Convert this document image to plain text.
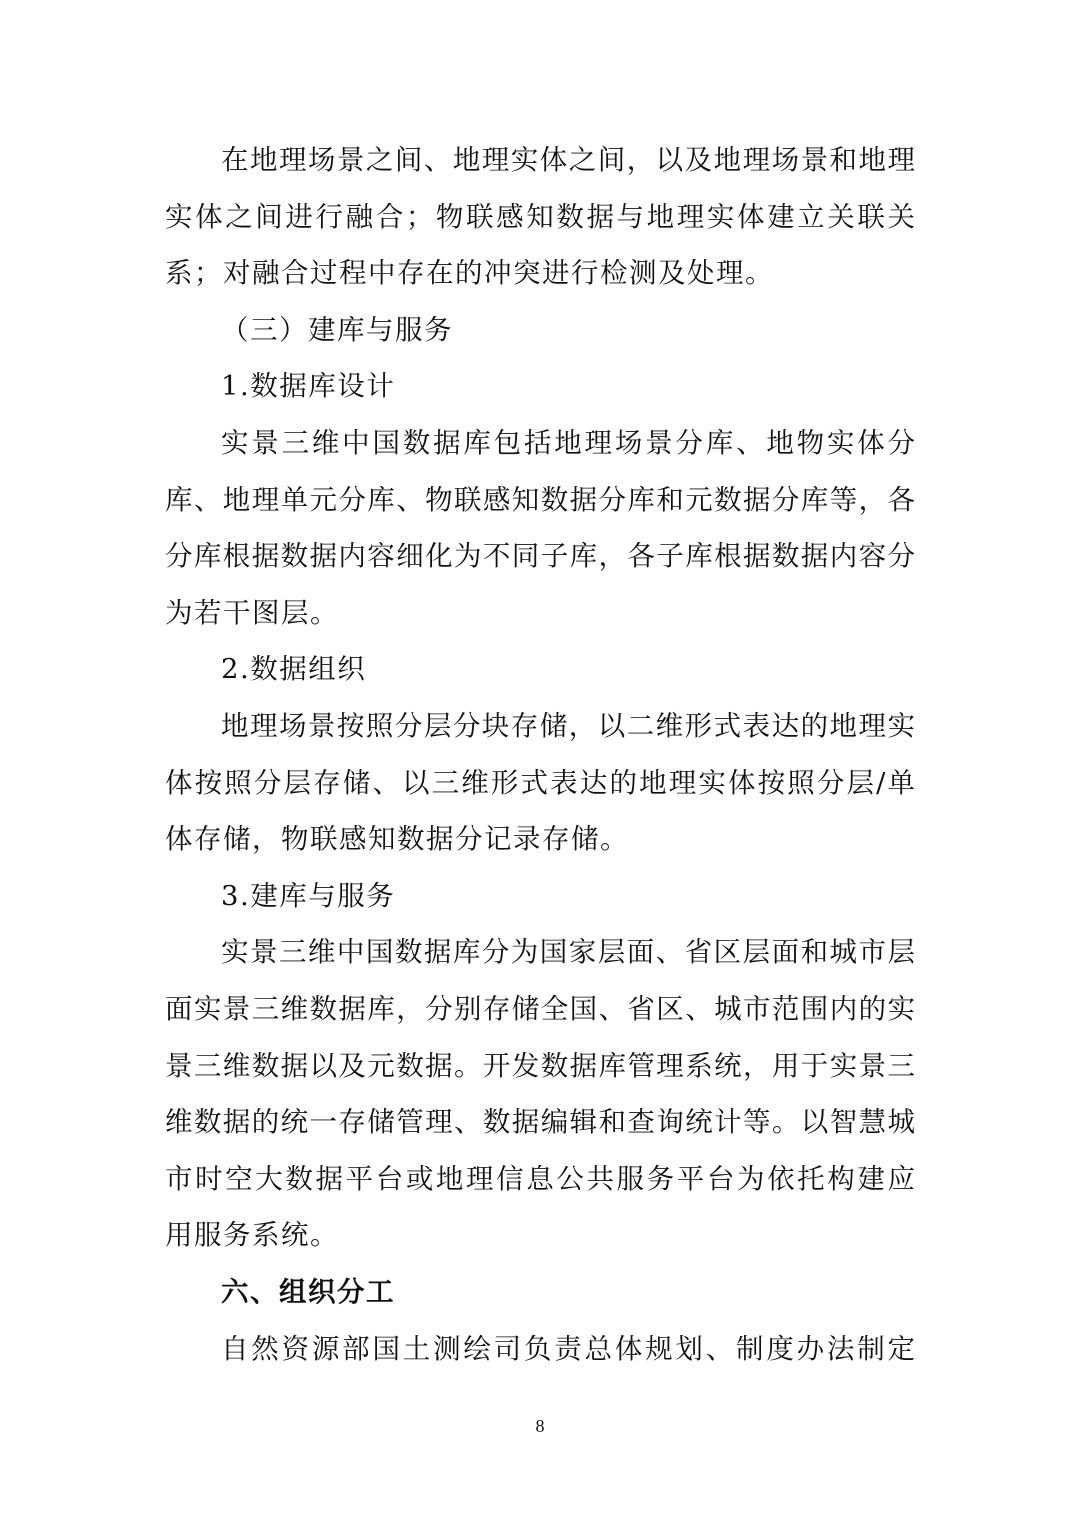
在地理场景之间、地理实体之间，以及地理场景和地理
实体之间进行融合；物联感知数据与地理实体建立关联关
系；对融合过程中存在的冲突进行检测及处理。
（三）建库与服务
1.数据库设计
实景三维中国数据库包括地理场景分库、地物实体分
库、地理单元分库、物联感知数据分库和元数据分库等，各
分库根据数据内容细化为不同子库，各子库根据数据内容分
为若干图层。
2.数据组织
地理场景按照分层分块存储，以二维形式表达的地理实
体按照分层存储、以三维形式表达的地理实体按照分层/单
体存储，物联感知数据分记录存储。
3.建库与服务
实景三维中国数据库分为国家层面、省区层面和城市层
面实景三维数据库，分别存储全国、省区、城市范围内的实
景三维数据以及元数据。开发数据库管理系统，用于实景三
维数据的统一存储管理、数据编辑和查询统计等。以智慧城
市时空大数据平台或地理信息公共服务平台为依托构建应
用服务系统。
六、组织分工
自然资源部国土测绘司负责总体规划、制度办法制定
8
